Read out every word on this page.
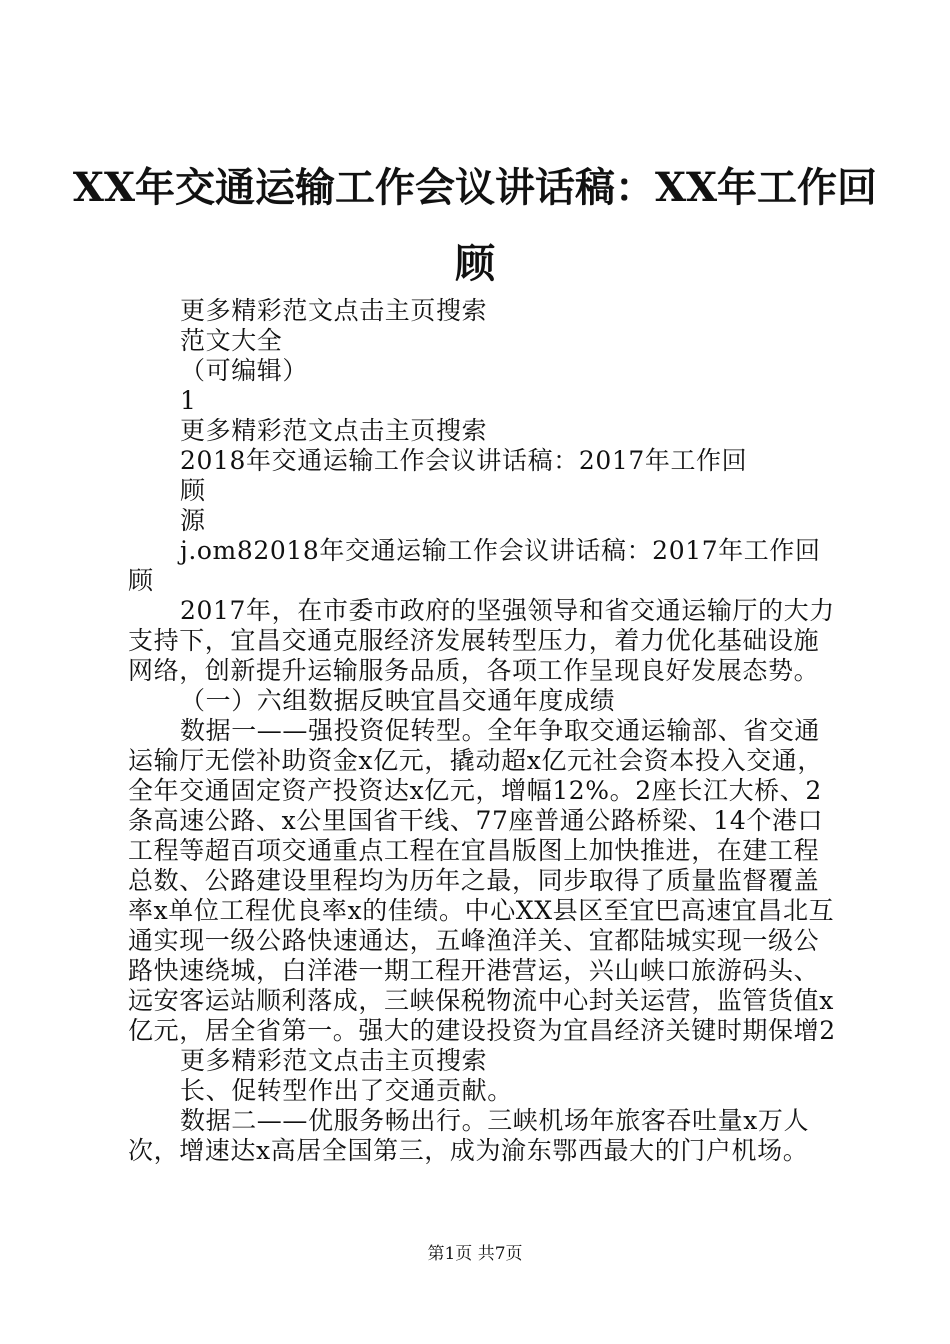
XX年交通运输工作会议讲话稿：XX年工作回顾

更多精彩范文点击主页搜索

范文大全

（可编辑）

1

更多精彩范文点击主页搜索

2018年交通运输工作会议讲话稿：2017年工作回

顾

源

j.om82018年交通运输工作会议讲话稿：2017年工作回顾

2017年，在市委市政府的坚强领导和省交通运输厅的大力支持下，宜昌交通克服经济发展转型压力，着力优化基础设施网络，创新提升运输服务品质，各项工作呈现良好发展态势。

（一）六组数据反映宜昌交通年度成绩

数据一——强投资促转型。全年争取交通运输部、省交通运输厅无偿补助资金x亿元，撬动超x亿元社会资本投入交通，全年交通固定资产投资达x亿元，增幅12%。2座长江大桥、2条高速公路、x公里国省干线、77座普通公路桥梁、14个港口工程等超百项交通重点工程在宜昌版图上加快推进，在建工程总数、公路建设里程均为历年之最，同步取得了质量监督覆盖率x单位工程优良率x的佳绩。中心XX县区至宜巴高速宜昌北互通实现一级公路快速通达，五峰渔洋关、宜都陆城实现一级公路快速绕城，白洋港一期工程开港营运，兴山峡口旅游码头、远安客运站顺利落成，三峡保税物流中心封关运营，监管货值x亿元，居全省第一。强大的建设投资为宜昌经济关键时期保增2

更多精彩范文点击主页搜索

长、促转型作出了交通贡献。

数据二——优服务畅出行。三峡机场年旅客吞吐量x万人次，增速达x高居全国第三，成为渝东鄂西最大的门户机场。

第1页 共7页
